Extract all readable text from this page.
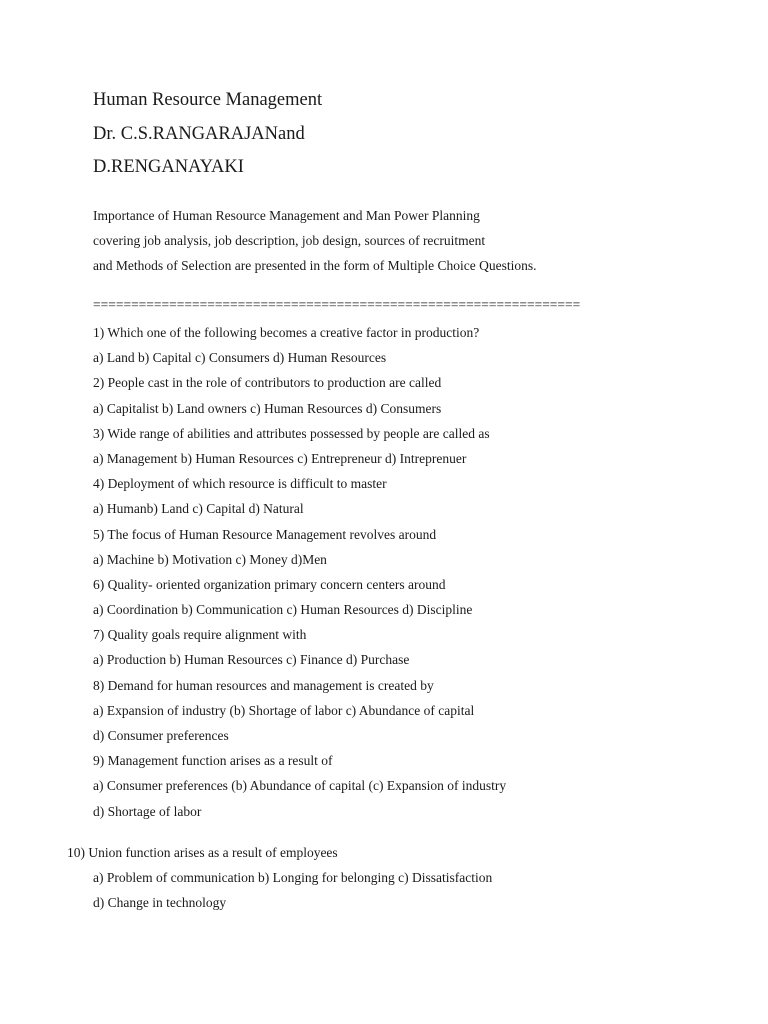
Human Resource Management
Dr. C.S.RANGARAJANand
D.RENGANAYAKI
Importance of Human Resource Management and Man Power Planning
covering job analysis, job description, job design, sources of recruitment
and Methods of Selection are presented in the form of Multiple Choice Questions.
================================================================
1) Which one of the following becomes a creative factor in production?
a) Land b) Capital c) Consumers d) Human Resources
2) People cast in the role of contributors to production are called
a) Capitalist b) Land owners c) Human Resources d) Consumers
3) Wide range of abilities and attributes possessed by people are called as
a) Management b) Human Resources c) Entrepreneur d) Intreprenuer
4) Deployment of which resource is difficult to master
a) Humanb) Land c) Capital d) Natural
5) The focus of Human Resource Management revolves around
a) Machine b) Motivation c) Money d)Men
6) Quality- oriented organization primary concern centers around
a) Coordination b) Communication c) Human Resources d) Discipline
7) Quality goals require alignment with
a) Production b) Human Resources c) Finance d) Purchase
8) Demand for human resources and management is created by
a) Expansion of industry (b) Shortage of labor c) Abundance of capital
d) Consumer preferences
9) Management function arises as a result of
a) Consumer preferences (b) Abundance of capital (c) Expansion of industry
d) Shortage of labor
10) Union function arises as a result of employees
a) Problem of communication b) Longing for belonging c) Dissatisfaction
d) Change in technology
